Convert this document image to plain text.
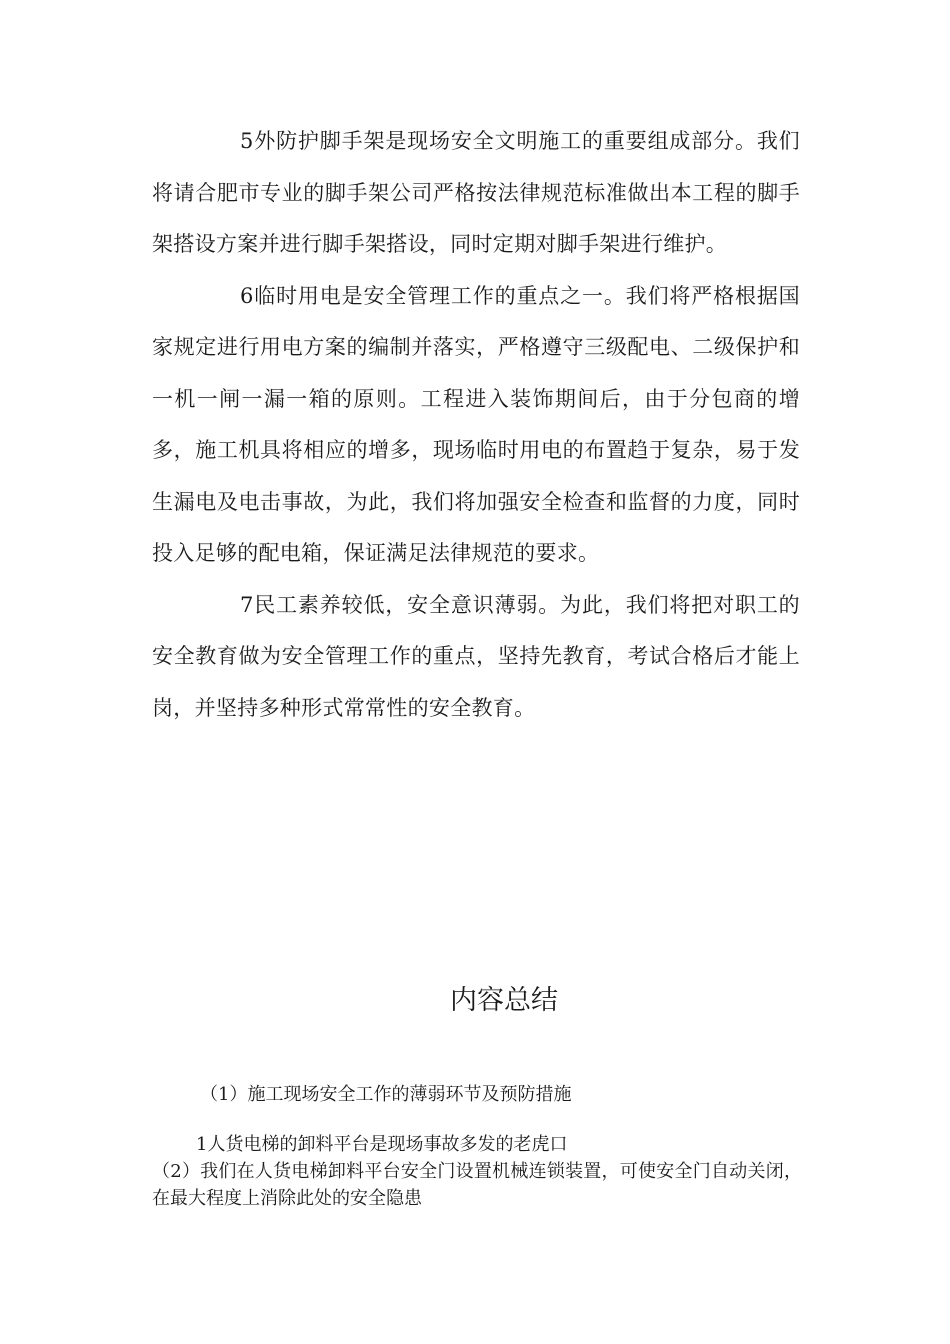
5外防护脚手架是现场安全文明施工的重要组成部分。我们将请合肥市专业的脚手架公司严格按法律规范标准做出本工程的脚手架搭设方案并进行脚手架搭设，同时定期对脚手架进行维护。

6临时用电是安全管理工作的重点之一。我们将严格根据国家规定进行用电方案的编制并落实，严格遵守三级配电、二级保护和一机一闸一漏一箱的原则。工程进入装饰期间后，由于分包商的增多，施工机具将相应的增多，现场临时用电的布置趋于复杂，易于发生漏电及电击事故，为此，我们将加强安全检查和监督的力度，同时投入足够的配电箱，保证满足法律规范的要求。

7民工素养较低，安全意识薄弱。为此，我们将把对职工的安全教育做为安全管理工作的重点，坚持先教育，考试合格后才能上岗，并坚持多种形式常常性的安全教育。

内容总结

（1）施工现场安全工作的薄弱环节及预防措施

1人货电梯的卸料平台是现场事故多发的老虎口

（2）我们在人货电梯卸料平台安全门设置机械连锁装置，可使安全门自动关闭，在最大程度上消除此处的安全隐患
